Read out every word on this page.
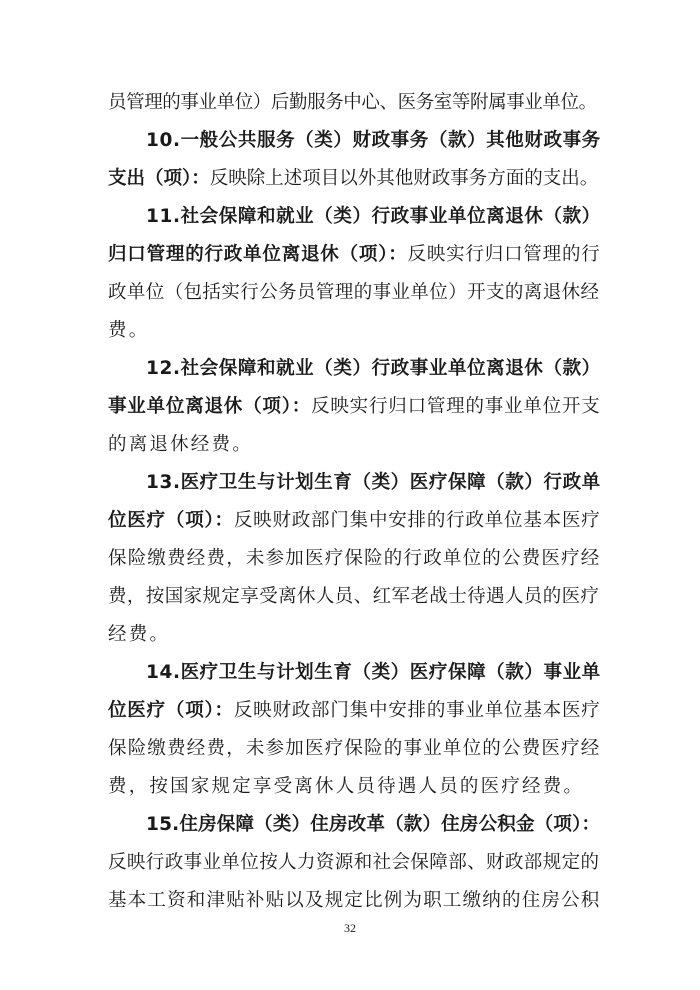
员管理的事业单位）后勤服务中心、医务室等附属事业单位。
10.一般公共服务（类）财政事务（款）其他财政事务
支出（项）：反映除上述项目以外其他财政事务方面的支出。
11.社会保障和就业（类）行政事业单位离退休（款）
归口管理的行政单位离退休（项）：反映实行归口管理的行
政单位（包括实行公务员管理的事业单位）开支的离退休经
费。
12.社会保障和就业（类）行政事业单位离退休（款）
事业单位离退休（项）：反映实行归口管理的事业单位开支
的离退休经费。
13.医疗卫生与计划生育（类）医疗保障（款）行政单
位医疗（项）：反映财政部门集中安排的行政单位基本医疗
保险缴费经费，未参加医疗保险的行政单位的公费医疗经
费，按国家规定享受离休人员、红军老战士待遇人员的医疗
经费。
14.医疗卫生与计划生育（类）医疗保障（款）事业单
位医疗（项）：反映财政部门集中安排的事业单位基本医疗
保险缴费经费，未参加医疗保险的事业单位的公费医疗经
费，按国家规定享受离休人员待遇人员的医疗经费。
15.住房保障（类）住房改革（款）住房公积金（项）：
反映行政事业单位按人力资源和社会保障部、财政部规定的
基本工资和津贴补贴以及规定比例为职工缴纳的住房公积
32
